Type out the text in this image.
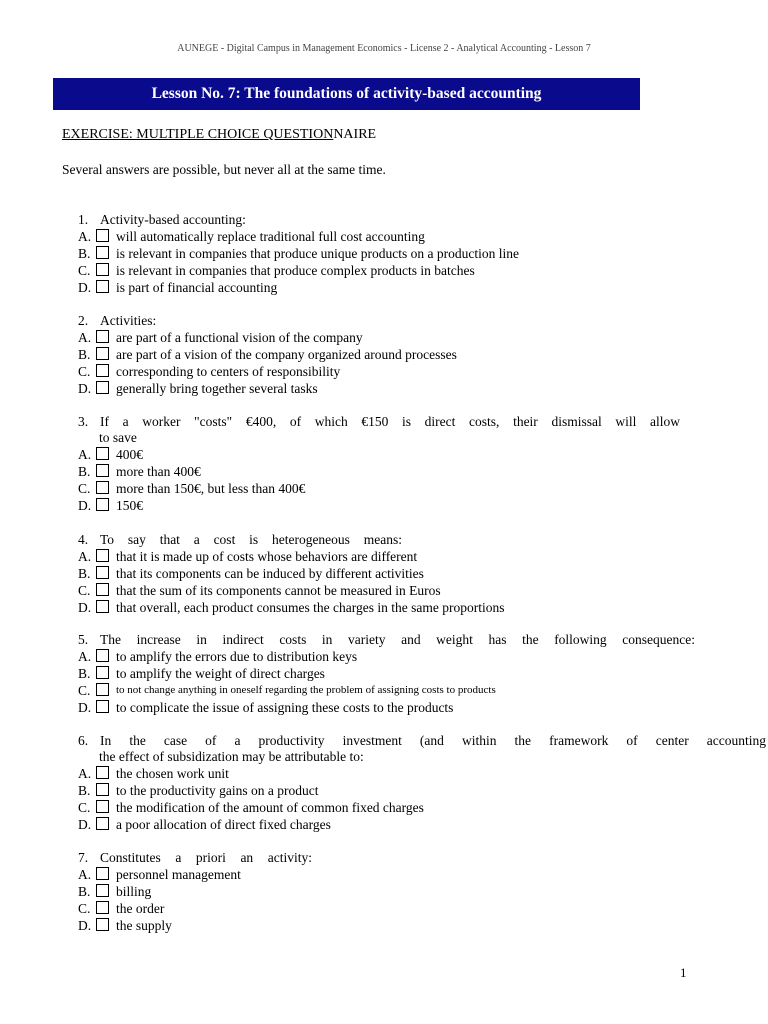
AUNEGE - Digital Campus in Management Economics - License 2 - Analytical Accounting - Lesson 7
Lesson No. 7: The foundations of activity-based accounting
EXERCISE: MULTIPLE CHOICE QUESTIONNAIRE
Several answers are possible, but never all at the same time.
1. Activity-based accounting:
A. will automatically replace traditional full cost accounting
B. is relevant in companies that produce unique products on a production line
C. is relevant in companies that produce complex products in batches
D. is part of financial accounting
2. Activities:
A. are part of a functional vision of the company
B. are part of a vision of the company organized around processes
C. corresponding to centers of responsibility
D. generally bring together several tasks
3. If a worker "costs" €400, of which €150 is direct costs, their dismissal will allow
to save
A. 400€
B. more than 400€
C. more than 150€, but less than 400€
D. 150€
4. To say that a cost is heterogeneous means:
A. that it is made up of costs whose behaviors are different
B. that its components can be induced by different activities
C. that the sum of its components cannot be measured in Euros
D. that overall, each product consumes the charges in the same proportions
5. The increase in indirect costs in variety and weight has the following consequence:
A. to amplify the errors due to distribution keys
B. to amplify the weight of direct charges
C. to not change anything in oneself regarding the problem of assigning costs to products
D. to complicate the issue of assigning these costs to the products
6. In the case of a productivity investment (and within the framework of center accounting
the effect of subsidization may be attributable to:
A. the chosen work unit
B. to the productivity gains on a product
C. the modification of the amount of common fixed charges
D. a poor allocation of direct fixed charges
7. Constitutes a priori an activity:
A. personnel management
B. billing
C. the order
D. the supply
1
